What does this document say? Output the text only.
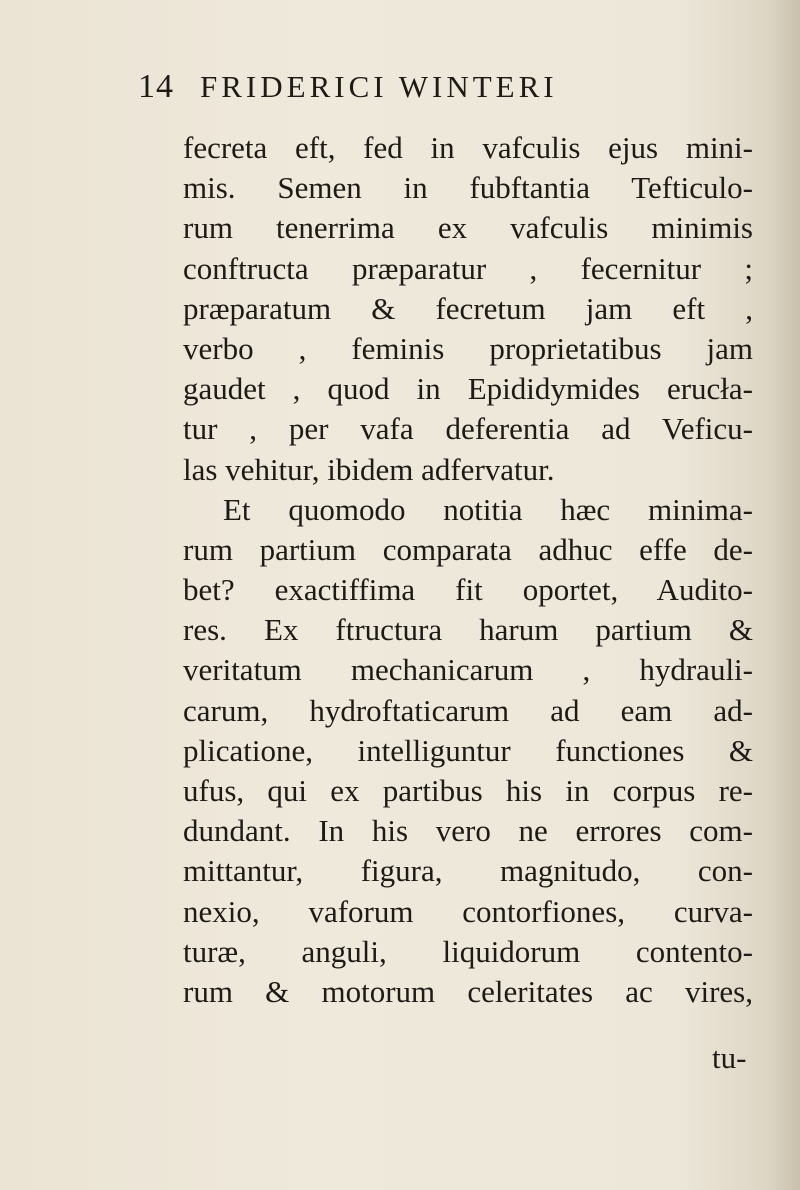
14 FRIDERICI WINTERI
fecreta eft, fed in vafculis ejus mini-
mis. Semen in fubftantia Tefticulo-
rum tenerrima ex vafculis minimis
conftructa præparatur , fecernitur ;
præparatum & fecretum jam eft ,
verbo , feminis proprietatibus jam
gaudet , quod in Epididymides erucła-
tur , per vafa deferentia ad Veficu-
las vehitur, ibidem adfervatur.
Et quomodo notitia hæc minima-
rum partium comparata adhuc effe de-
bet? exactiffima fit oportet, Audito-
res. Ex ftructura harum partium &
veritatum mechanicarum , hydrauli-
carum, hydroftaticarum ad eam ad-
plicatione, intelliguntur functiones &
ufus, qui ex partibus his in corpus re-
dundant. In his vero ne errores com-
mittantur, figura, magnitudo, con-
nexio, vaforum contorfiones, curva-
turæ, anguli, liquidorum contento-
rum & motorum celeritates ac vires,
tu-
